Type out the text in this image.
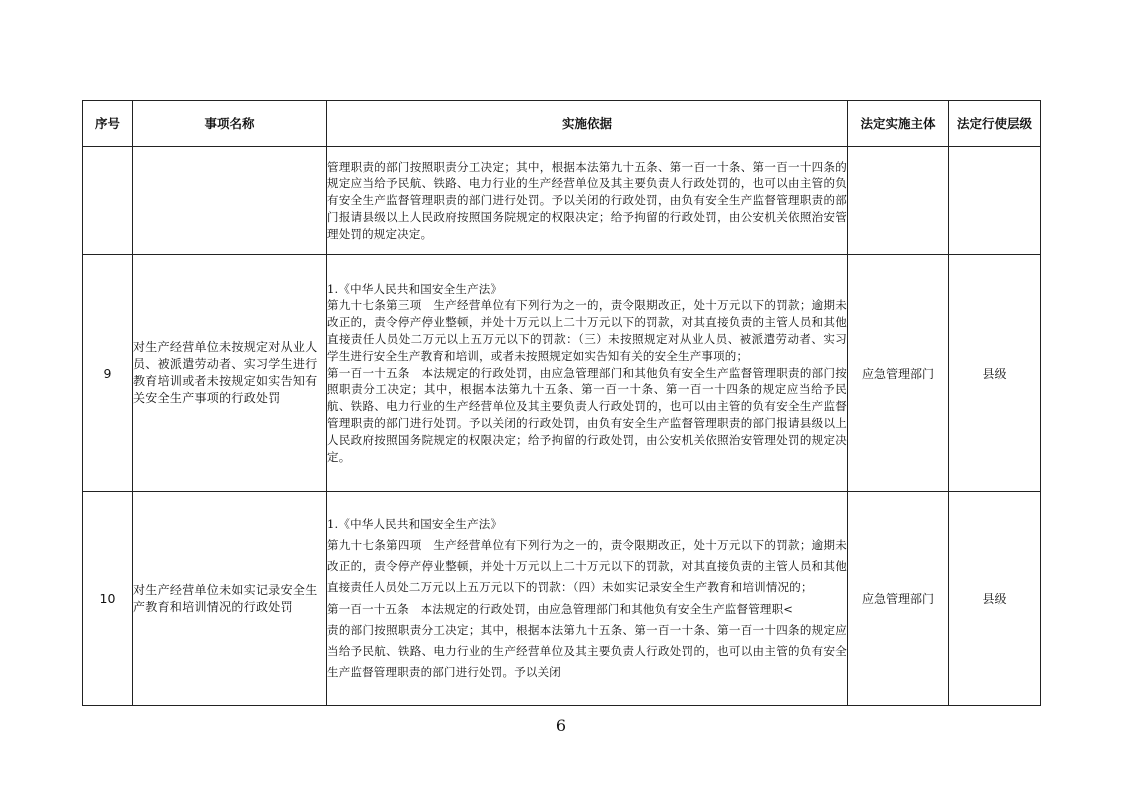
序号	事项名称	实施依据	法定实施主体	法定行使层级

		管理职责的部门按照职责分工决定；其中，根据本法第九十五条、第一百一十条、第一百一十四条的规定应当给予民航、铁路、电力行业的生产经营单位及其主要负责人行政处罚的，也可以由主管的负有安全生产监督管理职责的部门进行处罚。予以关闭的行政处罚，由负有安全生产监督管理职责的部门报请县级以上人民政府按照国务院规定的权限决定；给予拘留的行政处罚，由公安机关依照治安管理处罚的规定决定。		

9	对生产经营单位未按规定对从业人员、被派遣劳动者、实习学生进行教育培训或者未按规定如实告知有关安全生产事项的行政处罚	1.《中华人民共和国安全生产法》

第九十七条第三项　生产经营单位有下列行为之一的，责令限期改正，处十万元以下的罚款；逾期未改正的，责令停产停业整顿，并处十万元以上二十万元以下的罚款，对其直接负责的主管人员和其他直接责任人员处二万元以上五万元以下的罚款：（三）未按照规定对从业人员、被派遣劳动者、实习学生进行安全生产教育和培训，或者未按照规定如实告知有关的安全生产事项的；

第一百一十五条　本法规定的行政处罚，由应急管理部门和其他负有安全生产监督管理职责的部门按照职责分工决定；其中，根据本法第九十五条、第一百一十条、第一百一十四条的规定应当给予民航、铁路、电力行业的生产经营单位及其主要负责人行政处罚的，也可以由主管的负有安全生产监督管理职责的部门进行处罚。予以关闭的行政处罚，由负有安全生产监督管理职责的部门报请县级以上人民政府按照国务院规定的权限决定；给予拘留的行政处罚，由公安机关依照治安管理处罚的规定决定。	应急管理部门	县级
10	对生产经营单位未如实记录安全生产教育和培训情况的行政处罚	1.《中华人民共和国安全生产法》

第九十七条第四项　生产经营单位有下列行为之一的，责令限期改正，处十万元以下的罚款；逾期未改正的，责令停产停业整顿，并处十万元以上二十万元以下的罚款，对其直接负责的主管人员和其他直接责任人员处二万元以上五万元以下的罚款：（四）未如实记录安全生产教育和培训情况的；

第一百一十五条　本法规定的行政处罚，由应急管理部门和其他负有安全生产监督管理职<

责的部门按照职责分工决定；其中，根据本法第九十五条、第一百一十条、第一百一十四条的规定应当给予民航、铁路、电力行业的生产经营单位及其主要负责人行政处罚的，也可以由主管的负有安全生产监督管理职责的部门进行处罚。予以关闭	应急管理部门	县级
6
